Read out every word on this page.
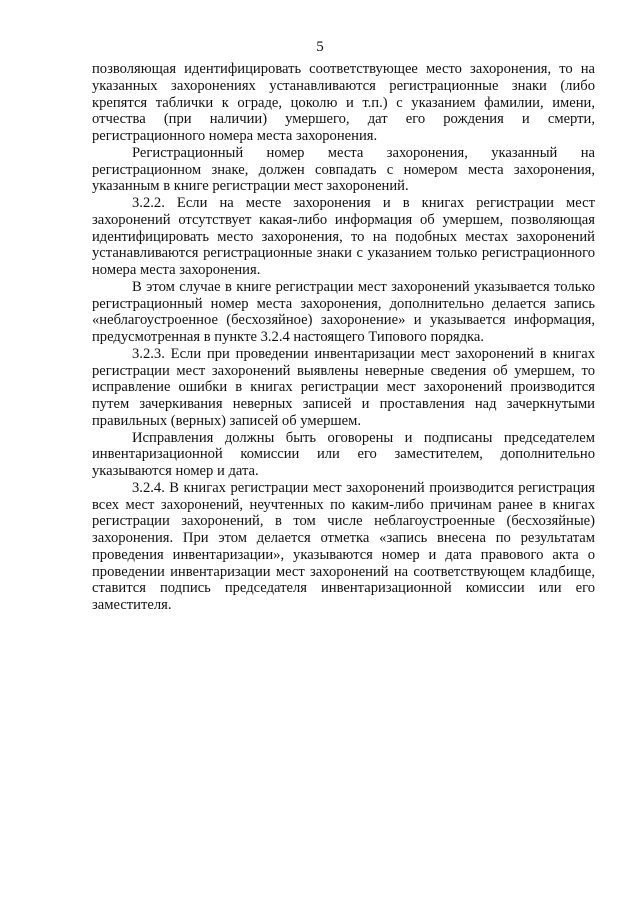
5

позволяющая идентифицировать соответствующее место захоронения, то на указанных захоронениях устанавливаются регистрационные знаки (либо крепятся таблички к ограде, цоколю и т.п.) с указанием фамилии, имени, отчества (при наличии) умершего, дат его рождения и смерти, регистрационного номера места захоронения.

Регистрационный номер места захоронения, указанный на регистрационном знаке, должен совпадать с номером места захоронения, указанным в книге регистрации мест захоронений.

3.2.2. Если на месте захоронения и в книгах регистрации мест захоронений отсутствует какая-либо информация об умершем, позволяющая идентифицировать место захоронения, то на подобных местах захоронений устанавливаются регистрационные знаки с указанием только регистрационного номера места захоронения.

В этом случае в книге регистрации мест захоронений указывается только регистрационный номер места захоронения, дополнительно делается запись «неблагоустроенное (бесхозяйное) захоронение» и указывается информация, предусмотренная в пункте 3.2.4 настоящего Типового порядка.

3.2.3. Если при проведении инвентаризации мест захоронений в книгах регистрации мест захоронений выявлены неверные сведения об умершем, то исправление ошибки в книгах регистрации мест захоронений производится путем зачеркивания неверных записей и проставления над зачеркнутыми правильных (верных) записей об умершем.

Исправления должны быть оговорены и подписаны председателем инвентаризационной комиссии или его заместителем, дополнительно указываются номер и дата.

3.2.4. В книгах регистрации мест захоронений производится регистрация всех мест захоронений, неучтенных по каким-либо причинам ранее в книгах регистрации захоронений, в том числе неблагоустроенные (бесхозяйные) захоронения. При этом делается отметка «запись внесена по результатам проведения инвентаризации», указываются номер и дата правового акта о проведении инвентаризации мест захоронений на соответствующем кладбище, ставится подпись председателя инвентаризационной комиссии или его заместителя.
